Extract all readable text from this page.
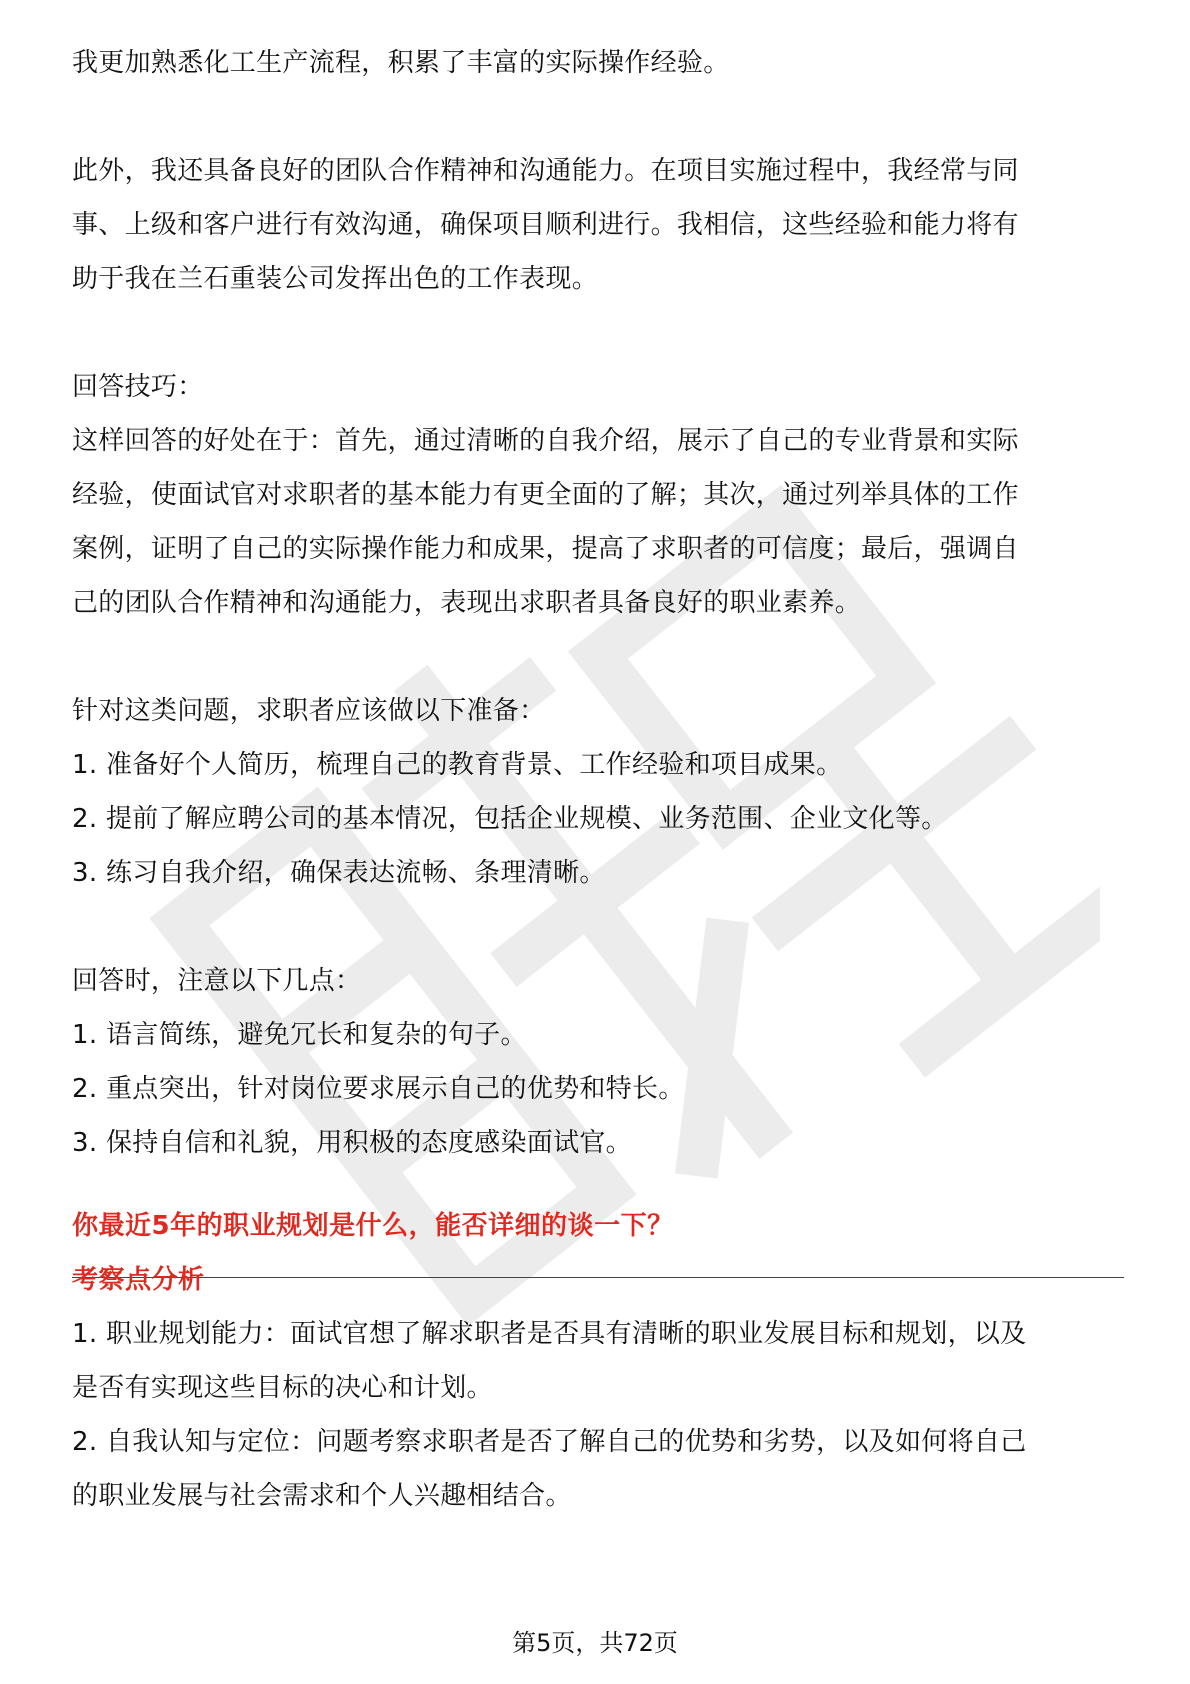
我更加熟悉化工生产流程，积累了丰富的实际操作经验。
此外，我还具备良好的团队合作精神和沟通能力。在项目实施过程中，我经常与同
事、上级和客户进行有效沟通，确保项目顺利进行。我相信，这些经验和能力将有
助于我在兰石重装公司发挥出色的工作表现。
回答技巧：
这样回答的好处在于：首先，通过清晰的自我介绍，展示了自己的专业背景和实际
经验，使面试官对求职者的基本能力有更全面的了解；其次，通过列举具体的工作
案例，证明了自己的实际操作能力和成果，提高了求职者的可信度；最后，强调自
己的团队合作精神和沟通能力，表现出求职者具备良好的职业素养。
针对这类问题，求职者应该做以下准备：
1. 准备好个人简历，梳理自己的教育背景、工作经验和项目成果。
2. 提前了解应聘公司的基本情况，包括企业规模、业务范围、企业文化等。
3. 练习自我介绍，确保表达流畅、条理清晰。
回答时，注意以下几点：
1. 语言简练，避免冗长和复杂的句子。
2. 重点突出，针对岗位要求展示自己的优势和特长。
3. 保持自信和礼貌，用积极的态度感染面试官。
你最近5年的职业规划是什么，能否详细的谈一下？
考察点分析
1. 职业规划能力：面试官想了解求职者是否具有清晰的职业发展目标和规划，以及
是否有实现这些目标的决心和计划。
2. 自我认知与定位：问题考察求职者是否了解自己的优势和劣势，以及如何将自己
的职业发展与社会需求和个人兴趣相结合。
第5页，共72页
